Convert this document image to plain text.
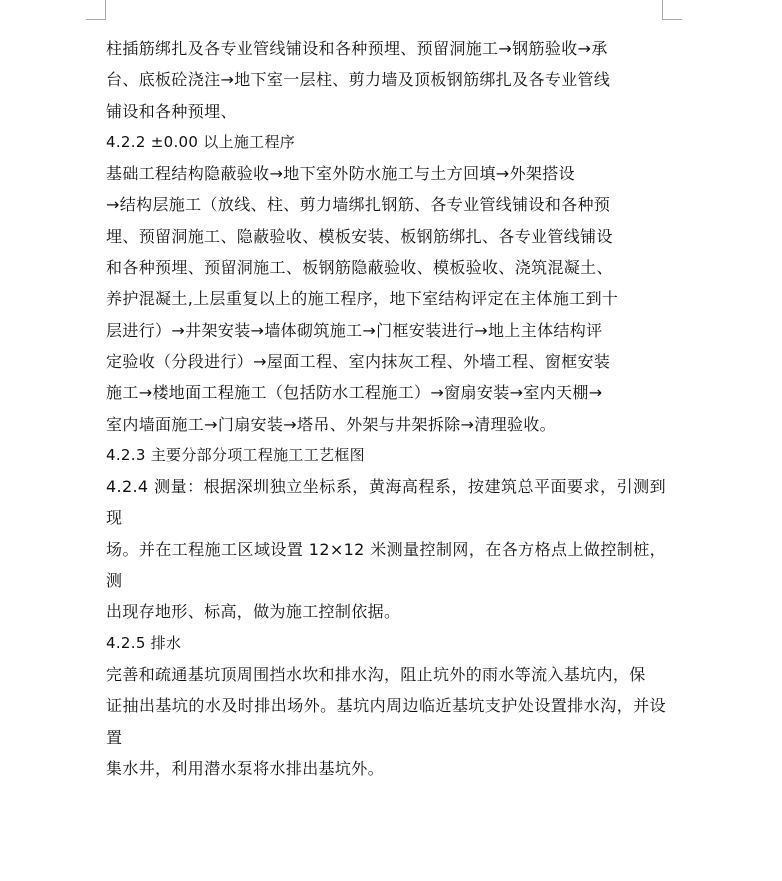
柱插筋绑扎及各专业管线铺设和各种预埋、预留洞施工→钢筋验收→承
台、底板砼浇注→地下室一层柱、剪力墙及顶板钢筋绑扎及各专业管线
铺设和各种预埋、

4.2.2 ±0.00 以上施工程序

基础工程结构隐蔽验收→地下室外防水施工与土方回填→外架搭设
→结构层施工（放线、柱、剪力墙绑扎钢筋、各专业管线铺设和各种预
埋、预留洞施工、隐蔽验收、模板安装、板钢筋绑扎、各专业管线铺设
和各种预埋、预留洞施工、板钢筋隐蔽验收、模板验收、浇筑混凝土、
养护混凝土,上层重复以上的施工程序，地下室结构评定在主体施工到十
层进行）→井架安装→墙体砌筑施工→门框安装进行→地上主体结构评
定验收（分段进行）→屋面工程、室内抹灰工程、外墙工程、窗框安装
施工→楼地面工程施工（包括防水工程施工）→窗扇安装→室内天棚→
室内墙面施工→门扇安装→塔吊、外架与井架拆除→清理验收。

4.2.3 主要分部分项工程施工工艺框图

4.2.4 测量：根据深圳独立坐标系，黄海高程系，按建筑总平面要求，引测到现
场。并在工程施工区域设置 12×12 米测量控制网，在各方格点上做控制桩，测
出现存地形、标高，做为施工控制依据。

4.2.5 排水

完善和疏通基坑顶周围挡水坎和排水沟，阻止坑外的雨水等流入基坑内，保
证抽出基坑的水及时排出场外。基坑内周边临近基坑支护处设置排水沟，并设置
集水井，利用潜水泵将水排出基坑外。
